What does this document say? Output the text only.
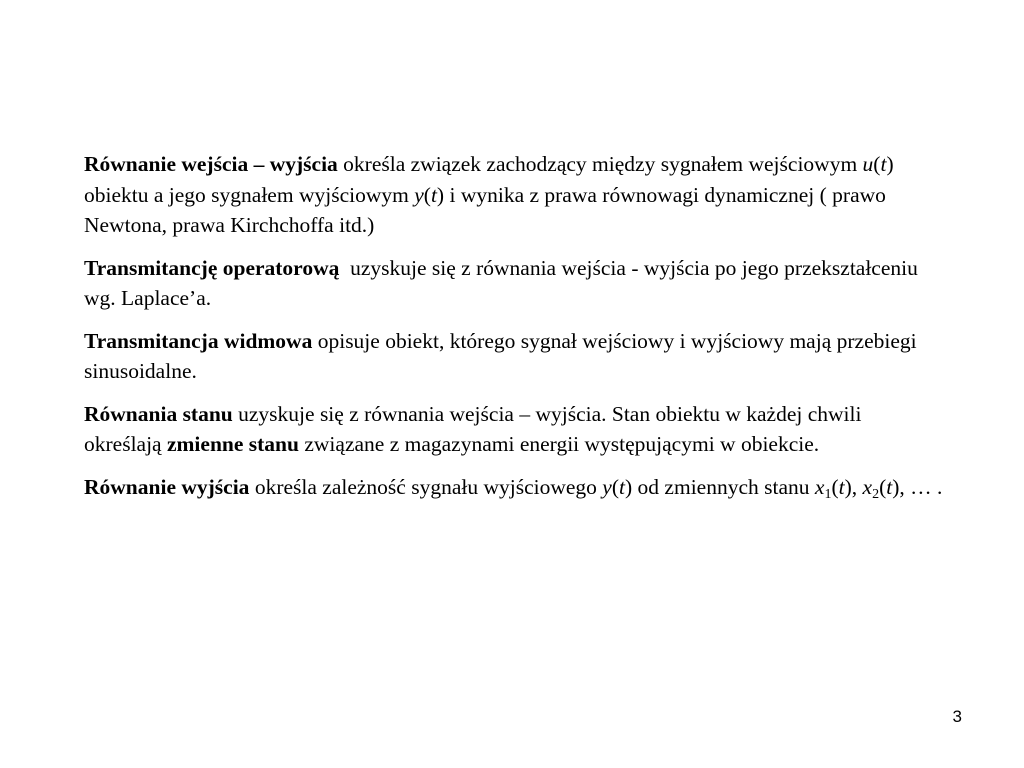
Równanie wejścia – wyjścia określa związek zachodzący między sygnałem wejściowym u(t) obiektu a jego sygnałem wyjściowym y(t) i wynika z prawa równowagi dynamicznej ( prawo Newtona, prawa Kirchchoffa itd.)

Transmitancję operatorową  uzyskuje się z równania wejścia - wyjścia po jego przekształceniu wg. Laplace’a.

Transmitancja widmowa opisuje obiekt, którego sygnał wejściowy i wyjściowy mają przebiegi sinusoidalne.

Równania stanu uzyskuje się z równania wejścia – wyjścia. Stan obiektu w każdej chwili określają zmienne stanu związane z magazynami energii występującymi w obiekcie.

Równanie wyjścia określa zależność sygnału wyjściowego y(t) od zmiennych stanu $x_1(t)$, $x_2(t)$, … .

3
